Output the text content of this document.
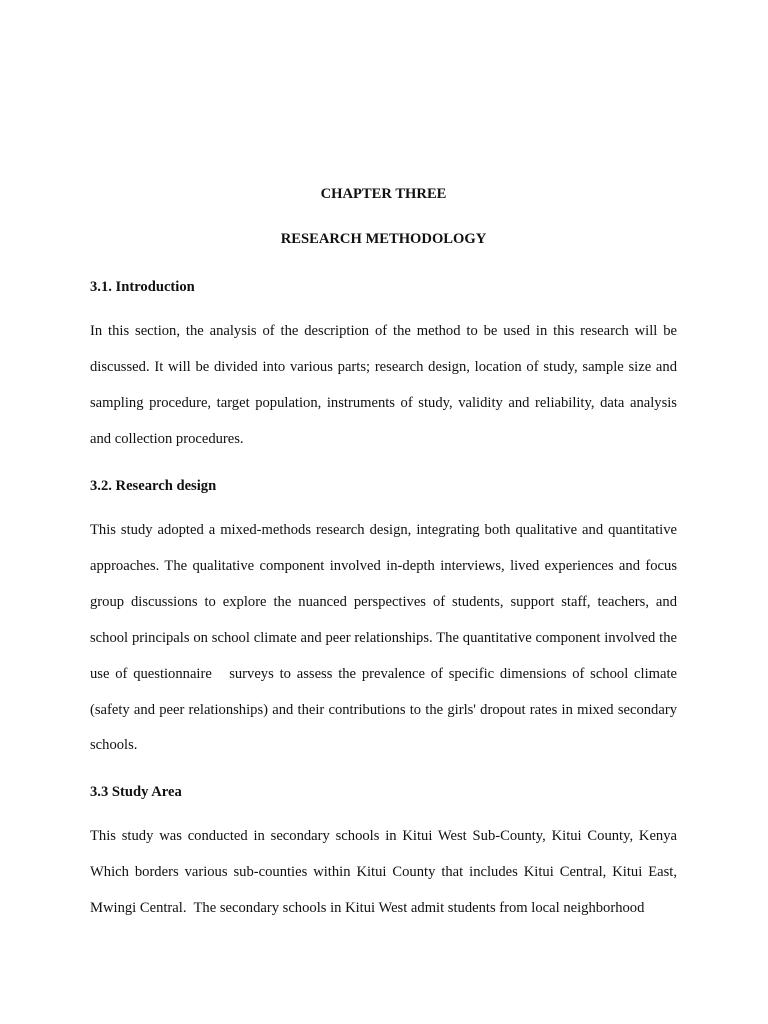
CHAPTER THREE
RESEARCH METHODOLOGY
3.1. Introduction

In this section, the analysis of the description of the method to be used in this research will be discussed. It will be divided into various parts; research design, location of study, sample size and sampling procedure, target population, instruments of study, validity and reliability, data analysis and collection procedures.

3.2. Research design

This study adopted a mixed-methods research design, integrating both qualitative and quantitative approaches. The qualitative component involved in-depth interviews, lived experiences and focus group discussions to explore the nuanced perspectives of students, support staff, teachers, and school principals on school climate and peer relationships. The quantitative component involved the use of questionnaire   surveys to assess the prevalence of specific dimensions of school climate (safety and peer relationships) and their contributions to the girls' dropout rates in mixed secondary schools.

3.3 Study Area

This study was conducted in secondary schools in Kitui West Sub-County, Kitui County, Kenya Which borders various sub-counties within Kitui County that includes Kitui Central, Kitui East, Mwingi Central.  The secondary schools in Kitui West admit students from local neighborhood
